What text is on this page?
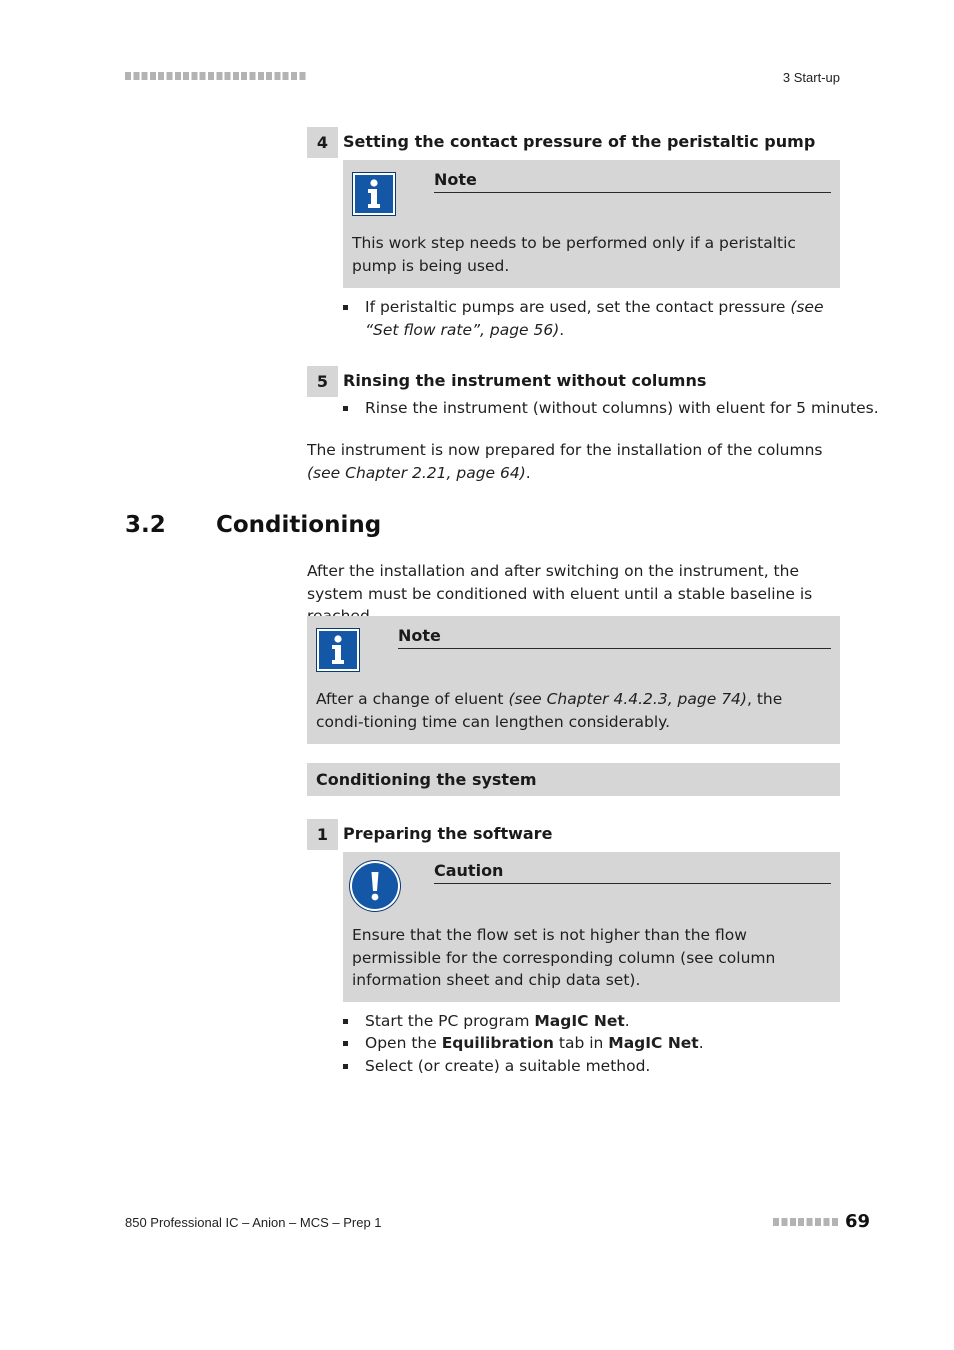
3 Start-up
4 Setting the contact pressure of the peristaltic pump
Note
This work step needs to be performed only if a peristaltic pump is being used.
If peristaltic pumps are used, set the contact pressure (see “Set flow rate”, page 56).
5 Rinsing the instrument without columns
Rinse the instrument (without columns) with eluent for 5 minutes.
The instrument is now prepared for the installation of the columns (see Chapter 2.21, page 64).
3.2 Conditioning
After the installation and after switching on the instrument, the system must be conditioned with eluent until a stable baseline is
Note
After a change of eluent (see Chapter 4.4.2.3, page 74), the condi-tioning time can lengthen considerably.
Conditioning the system
1 Preparing the software
Caution
Ensure that the flow set is not higher than the flow permissible for the corresponding column (see column information sheet and chip data set).
Start the PC program MagIC Net.
Open the Equilibration tab in MagIC Net.
Select (or create) a suitable method.
850 Professional IC – Anion – MCS – Prep 1	69
